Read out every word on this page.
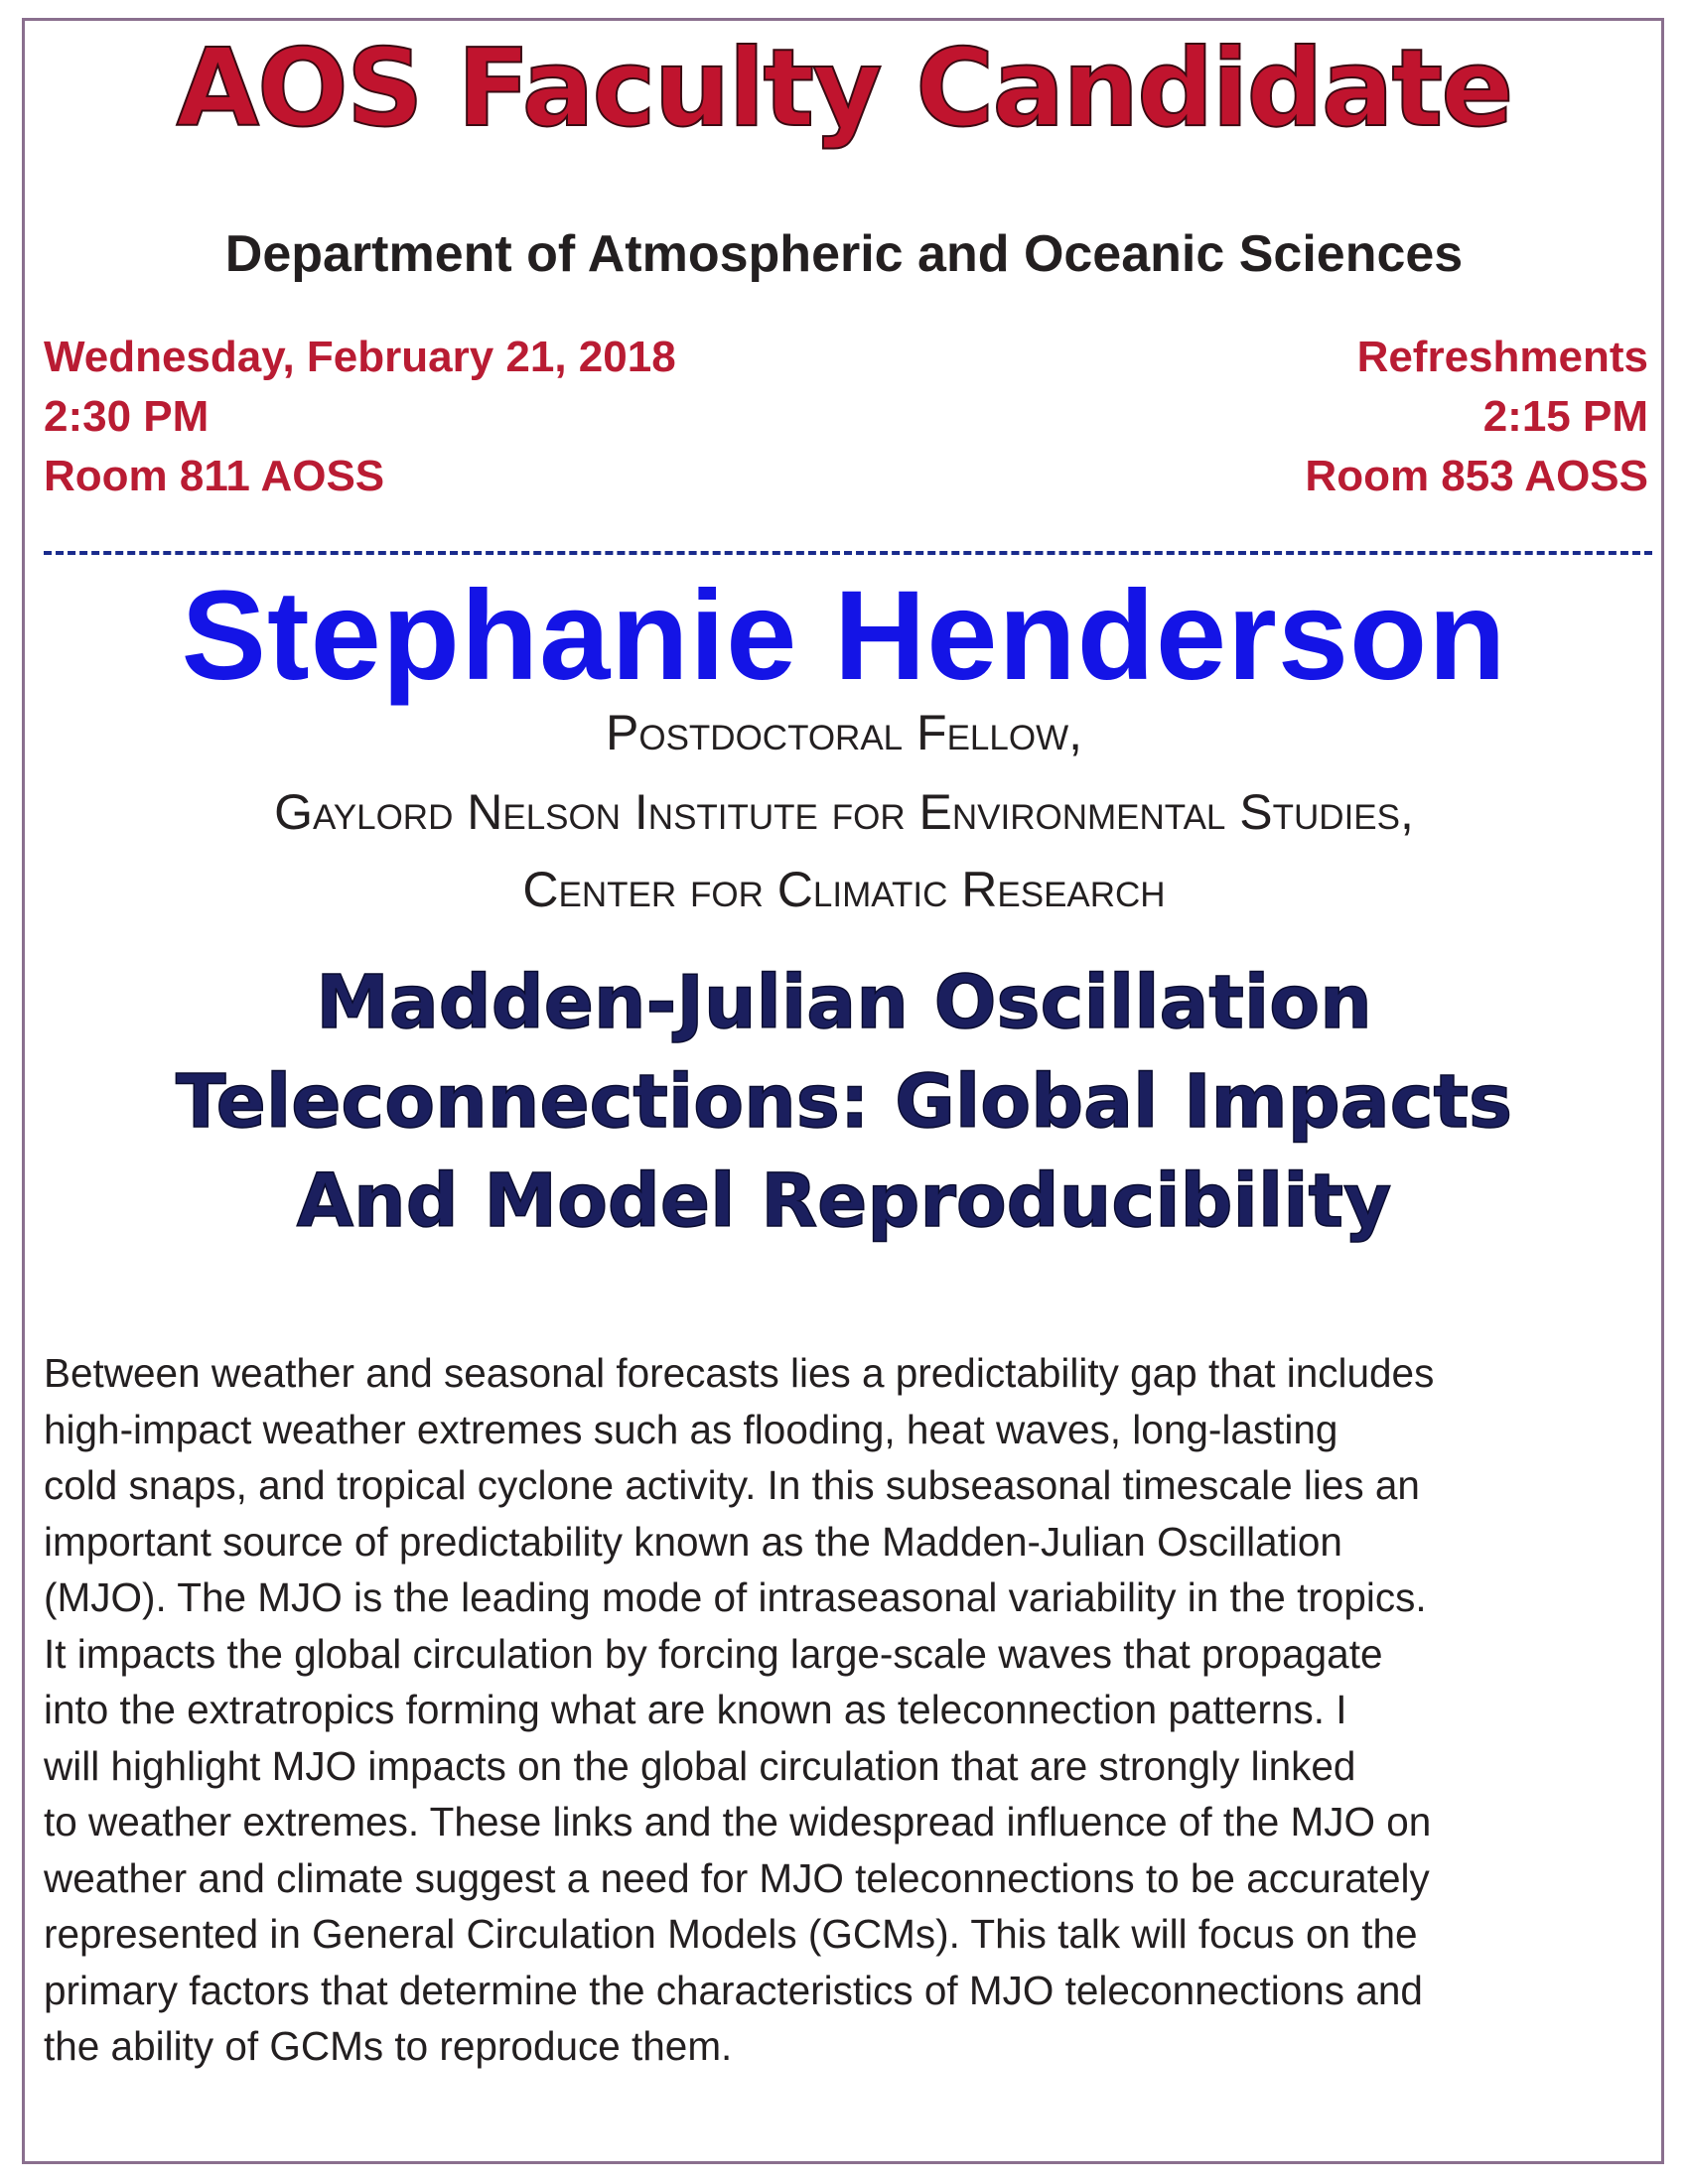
AOS Faculty Candidate
Department of Atmospheric and Oceanic Sciences
Wednesday, February 21, 2018
2:30 PM
Room 811 AOSS
Refreshments
2:15 PM
Room 853 AOSS
Stephanie Henderson
Postdoctoral Fellow,
Gaylord Nelson Institute for Environmental Studies,
Center for Climatic Research
Madden-Julian Oscillation
Teleconnections: Global Impacts
And Model Reproducibility
Between weather and seasonal forecasts lies a predictability gap that includes
high-impact weather extremes such as flooding, heat waves, long-lasting
cold snaps, and tropical cyclone activity. In this subseasonal timescale lies an
important source of predictability known as the Madden-Julian Oscillation
(MJO). The MJO is the leading mode of intraseasonal variability in the tropics.
It impacts the global circulation by forcing large-scale waves that propagate
into the extratropics forming what are known as teleconnection patterns. I
will highlight MJO impacts on the global circulation that are strongly linked
to weather extremes. These links and the widespread influence of the MJO on
weather and climate suggest a need for MJO teleconnections to be accurately
represented in General Circulation Models (GCMs). This talk will focus on the
primary factors that determine the characteristics of MJO teleconnections and
the ability of GCMs to reproduce them.
